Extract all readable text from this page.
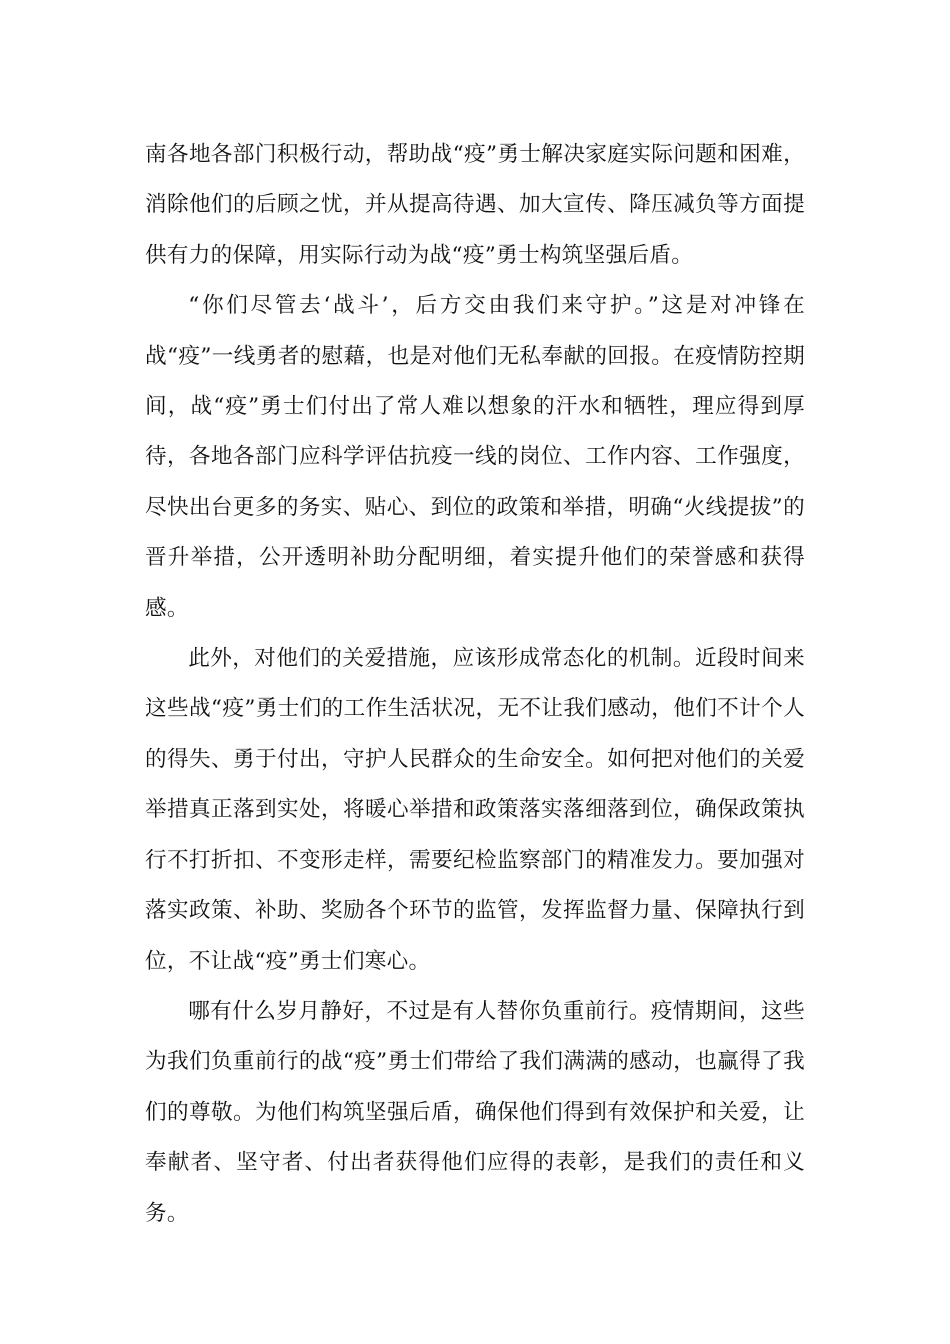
南各地各部门积极行动，帮助战“疫”勇士解决家庭实际问题和困难，消除他们的后顾之忧，并从提高待遇、加大宣传、降压减负等方面提供有力的保障，用实际行动为战“疫”勇士构筑坚强后盾。

“你们尽管去‘战斗’，后方交由我们来守护。”这是对冲锋在战“疫”一线勇者的慰藉，也是对他们无私奉献的回报。在疫情防控期间，战“疫”勇士们付出了常人难以想象的汗水和牺牲，理应得到厚待，各地各部门应科学评估抗疫一线的岗位、工作内容、工作强度，尽快出台更多的务实、贴心、到位的政策和举措，明确“火线提拔”的晋升举措，公开透明补助分配明细，着实提升他们的荣誉感和获得感。

此外，对他们的关爱措施，应该形成常态化的机制。近段时间来这些战“疫”勇士们的工作生活状况，无不让我们感动，他们不计个人的得失、勇于付出，守护人民群众的生命安全。如何把对他们的关爱举措真正落到实处，将暖心举措和政策落实落细落到位，确保政策执行不打折扣、不变形走样，需要纪检监察部门的精准发力。要加强对落实政策、补助、奖励各个环节的监管，发挥监督力量、保障执行到位，不让战“疫”勇士们寒心。

哪有什么岁月静好，不过是有人替你负重前行。疫情期间，这些为我们负重前行的战“疫”勇士们带给了我们满满的感动，也赢得了我们的尊敬。为他们构筑坚强后盾，确保他们得到有效保护和关爱，让奉献者、坚守者、付出者获得他们应得的表彰，是我们的责任和义务。
